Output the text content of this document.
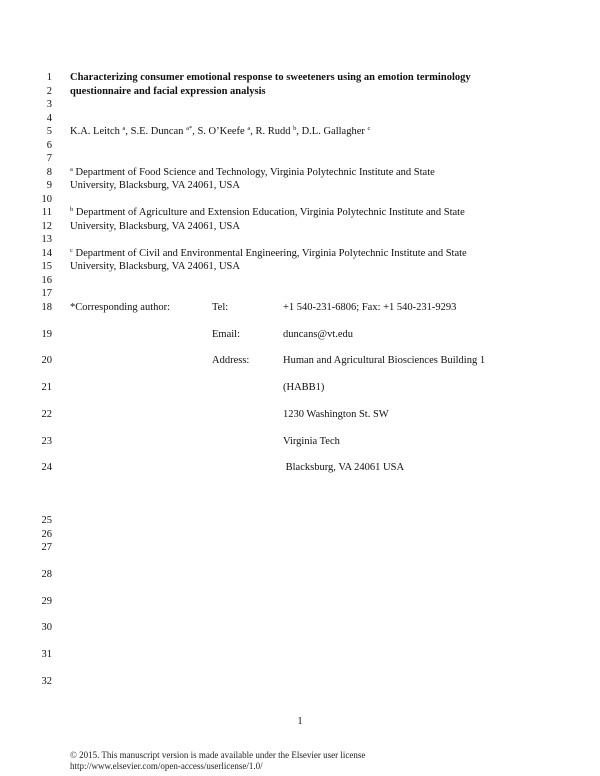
1
2
3
4
5
6
7
8
9
10
11
12
13
14
15
16
17
18
19
20
21
22
23
24
25
26
27
28
29
30
31
32
Characterizing consumer emotional response to sweeteners using an emotion terminology
questionnaire and facial expression analysis
K.A. Leitch $^a$, S.E. Duncan $^{a*}$, S. O’Keefe $^a$, R. Rudd $^b$, D.L. Gallagher $^c$
$^a$ Department of Food Science and Technology, Virginia Polytechnic Institute and State
University, Blacksburg, VA 24061, USA
$^b$ Department of Agriculture and Extension Education, Virginia Polytechnic Institute and State
University, Blacksburg, VA 24061, USA
$^c$ Department of Civil and Environmental Engineering, Virginia Polytechnic Institute and State
University, Blacksburg, VA 24061, USA
*Corresponding author:	Tel:	+1 540-231-6806; Fax: +1 540-231-9293
Email:	duncans@vt.edu
Address:	Human and Agricultural Biosciences Building 1
(HABB1)
1230 Washington St. SW
Virginia Tech
Blacksburg, VA 24061 USA
1
© 2015. This manuscript version is made available under the Elsevier user license
http://www.elsevier.com/open-access/userlicense/1.0/
